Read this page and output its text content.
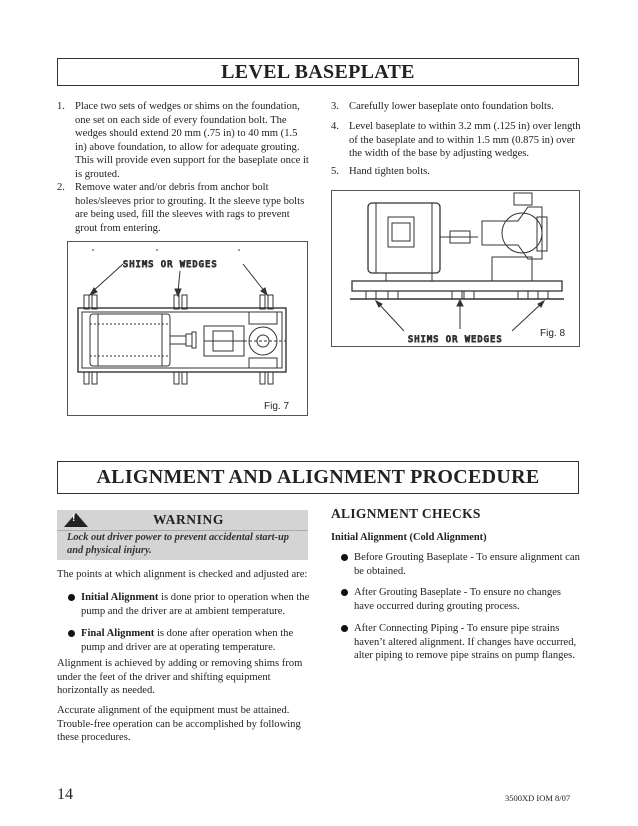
LEVEL BASEPLATE
1. Place two sets of wedges or shims on the foundation,
one set on each side of every foundation bolt. The
wedges should extend 20 mm (.75 in) to 40 mm (1.5
in) above foundation, to allow for adequate grouting.
This will provide even support for the baseplate once it
is grouted.
2. Remove water and/or debris from anchor bolt
holes/sleeves prior to grouting. It the sleeve type bolts
are being used, fill the sleeves with rags to prevent
grout from entering.
3. Carefully lower baseplate onto foundation bolts.
4. Level baseplate to within 3.2 mm (.125 in) over length
of the baseplate and to within 1.5 mm (0.875 in) over
the width of the base by adjusting wedges.
5. Hand tighten bolts.
SHIMS OR WEDGES
Fig. 7
SHIMS OR WEDGES
Fig. 8
ALIGNMENT AND ALIGNMENT PROCEDURE
!	WARNING
Lock out driver power to prevent accidental start-up
and physical injury.
The points at which alignment is checked and adjusted are:
Initial Alignment is done prior to operation when the
pump and the driver are at ambient temperature.
Final Alignment is done after operation when the
pump and driver are at operating temperature.
Alignment is achieved by adding or removing shims from
under the feet of the driver and shifting equipment
horizontally as needed.
Accurate alignment of the equipment must be attained.
Trouble-free operation can be accomplished by following
these procedures.
ALIGNMENT CHECKS
Initial Alignment (Cold Alignment)
Before Grouting Baseplate - To ensure alignment can
be obtained.
After Grouting Baseplate - To ensure no changes
have occurred during grouting process.
After Connecting Piping - To ensure pipe strains
haven’t altered alignment. If changes have occurred,
alter piping to remove pipe strains on pump flanges.
14	3500XD IOM 8/07
